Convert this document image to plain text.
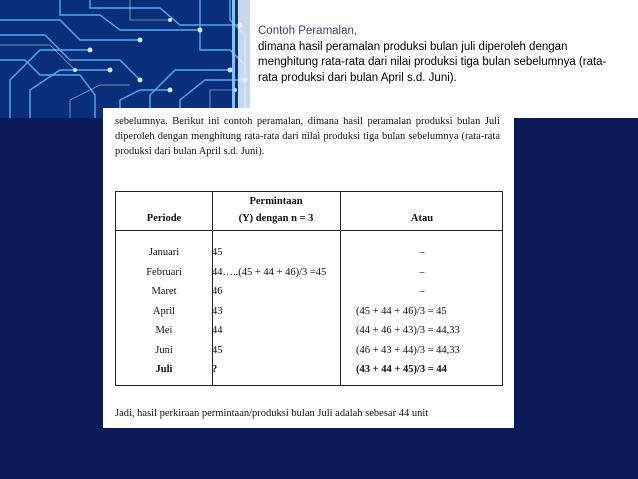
Contoh Peramalan,
dimana hasil peramalan produksi bulan juli diperoleh dengan menghitung rata-rata dari nilai produksi tiga bulan sebelumnya (rata- rata produksi dari bulan April s.d. Juni).
sebelumnya. Berikut ini contoh peramalan, dimana hasil peramalan produksi bulan Juli diperoleh dengan menghitung rata-rata dari nilai produksi tiga bulan sebelumnya (rata-rata produksi dari bulan April s.d. Juni).
Permintaan
Periode	(Y) dengan n = 3	Atau
Januari	45	–
Februari	44…..(45 + 44 + 46)/3 =45	–
Maret	46	–
April	43	(45 + 44 + 46)/3 = 45
Mei	44	(44 + 46 + 43)/3 = 44,33
Juni	45	(46 + 43 + 44)/3 = 44,33
Juli	?	(43 + 44 + 45)/3 = 44
Jadi, hasil perkiraan permintaan/produksi bulan Juli adalah sebesar 44 unit
